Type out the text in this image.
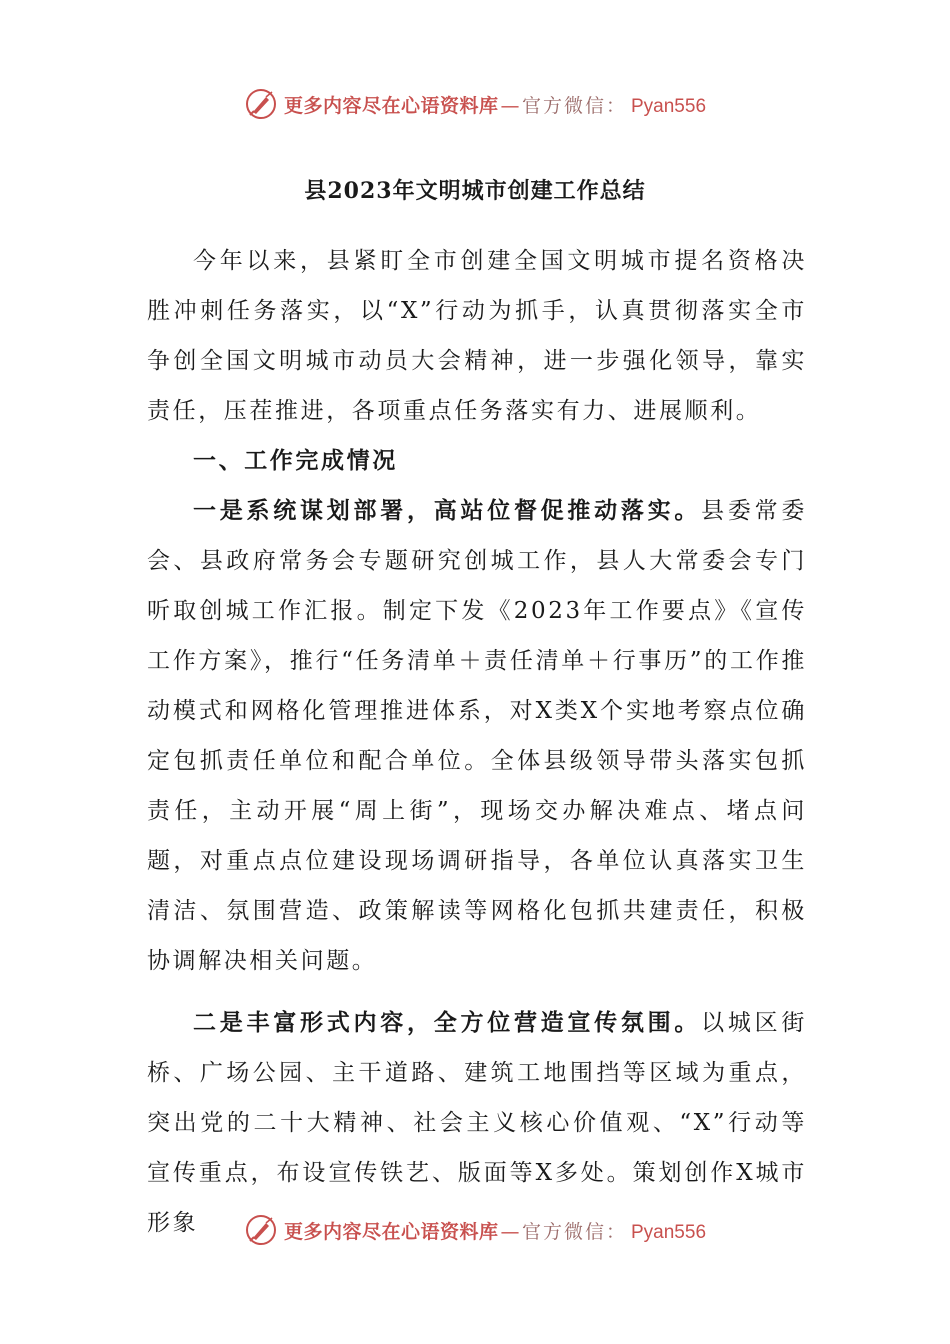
更多内容尽在心语资料库 — 官方微信： Pyan556
县2023年文明城市创建工作总结

今年以来，县紧盯全市创建全国文明城市提名资格决胜冲刺任务落实，以“X”行动为抓手，认真贯彻落实全市争创全国文明城市动员大会精神，进一步强化领导，靠实责任，压茬推进，各项重点任务落实有力、进展顺利。

一、工作完成情况

一是系统谋划部署，高站位督促推动落实。县委常委会、县政府常务会专题研究创城工作，县人大常委会专门听取创城工作汇报。制定下发《2023年工作要点》《宣传工作方案》，推行“任务清单＋责任清单＋行事历”的工作推动模式和网格化管理推进体系，对X类X个实地考察点位确定包抓责任单位和配合单位。全体县级领导带头落实包抓责任，主动开展“周上街”，现场交办解决难点、堵点问题，对重点点位建设现场调研指导，各单位认真落实卫生清洁、氛围营造、政策解读等网格化包抓共建责任，积极协调解决相关问题。

二是丰富形式内容，全方位营造宣传氛围。以城区街桥、广场公园、主干道路、建筑工地围挡等区域为重点，突出党的二十大精神、社会主义核心价值观、“X”行动等宣传重点，布设宣传铁艺、版面等X多处。策划创作X城市形象	更多内容尽在心语资料库 — 官方微信： Pyan556
